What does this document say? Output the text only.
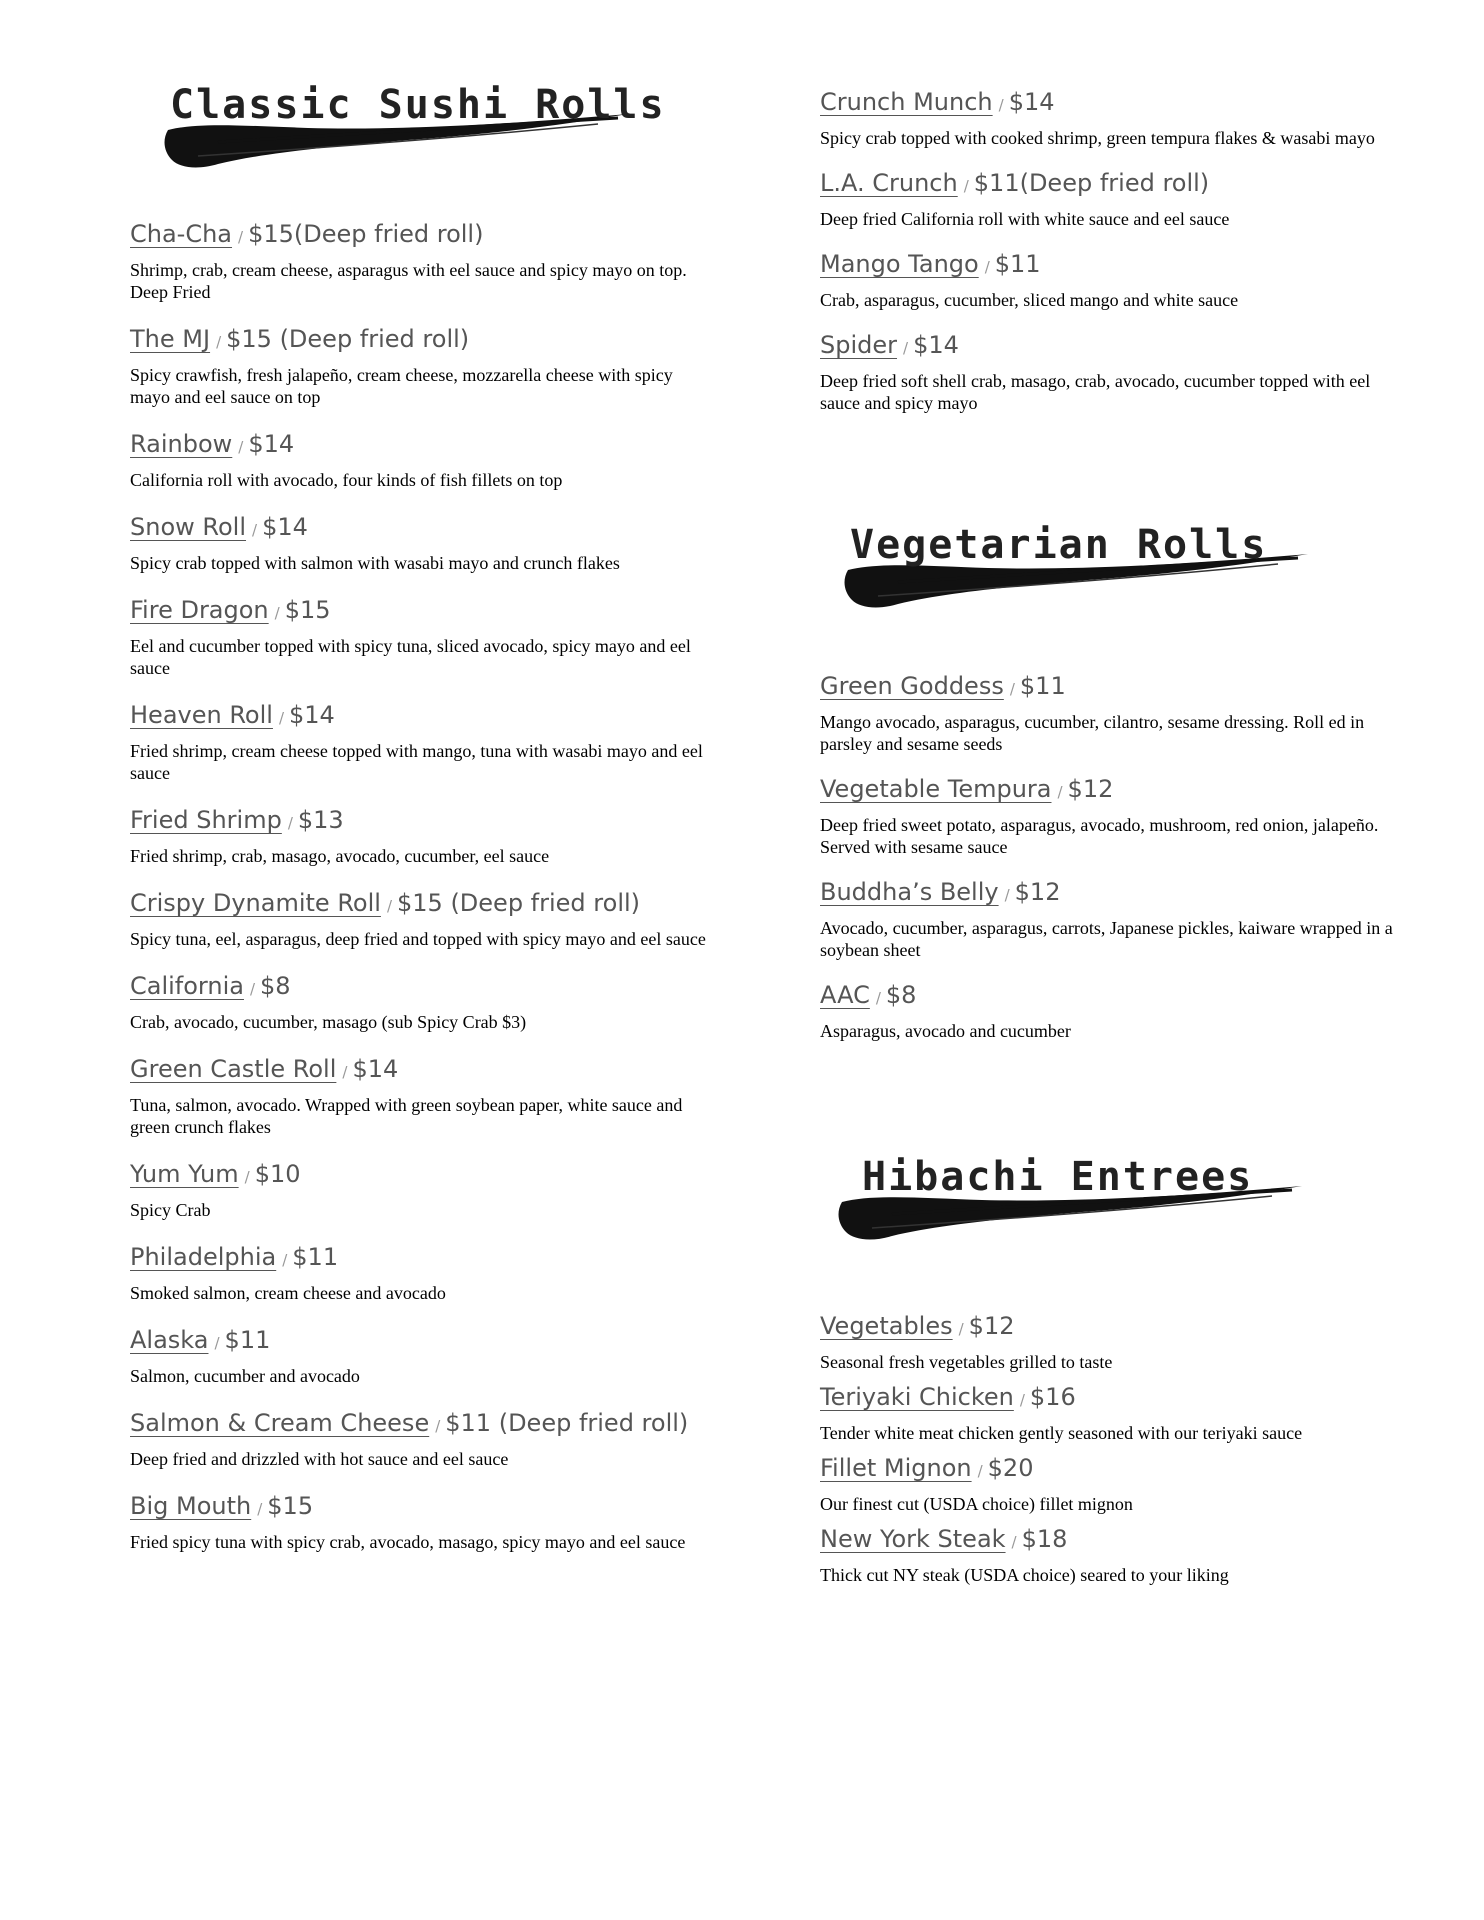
Classic Sushi Rolls
Cha-Cha / $15(Deep fried roll)
Shrimp, crab, cream cheese, asparagus with eel sauce and spicy mayo on top. Deep Fried
The MJ / $15 (Deep fried roll)
Spicy crawfish, fresh jalapeño, cream cheese, mozzarella cheese with spicy mayo and eel sauce on top
Rainbow / $14
California roll with avocado, four kinds of fish fillets on top
Snow Roll / $14
Spicy crab topped with salmon with wasabi mayo and crunch flakes
Fire Dragon / $15
Eel and cucumber topped with spicy tuna, sliced avocado, spicy mayo and eel sauce
Heaven Roll / $14
Fried shrimp, cream cheese topped with mango, tuna with wasabi mayo and eel sauce
Fried Shrimp / $13
Fried shrimp, crab, masago, avocado, cucumber, eel sauce
Crispy Dynamite Roll / $15 (Deep fried roll)
Spicy tuna, eel, asparagus, deep fried and topped with spicy mayo and eel sauce
California / $8
Crab, avocado, cucumber, masago (sub Spicy Crab $3)
Green Castle Roll / $14
Tuna, salmon, avocado. Wrapped with green soybean paper, white sauce and green crunch flakes
Yum Yum / $10
Spicy Crab
Philadelphia / $11
Smoked salmon, cream cheese and avocado
Alaska / $11
Salmon, cucumber and avocado
Salmon & Cream Cheese / $11 (Deep fried roll)
Deep fried and drizzled with hot sauce and eel sauce
Big Mouth / $15
Fried spicy tuna with spicy crab, avocado, masago, spicy mayo and eel sauce
Crunch Munch / $14
Spicy crab topped with cooked shrimp, green tempura flakes & wasabi mayo
L.A. Crunch / $11(Deep fried roll)
Deep fried California roll with white sauce and eel sauce
Mango Tango / $11
Crab, asparagus, cucumber, sliced mango and white sauce
Spider / $14
Deep fried soft shell crab, masago, crab, avocado, cucumber topped with eel sauce and spicy mayo
Vegetarian Rolls
Green Goddess / $11
Mango avocado, asparagus, cucumber, cilantro, sesame dressing. Roll ed in parsley and sesame seeds
Vegetable Tempura / $12
Deep fried sweet potato, asparagus, avocado, mushroom, red onion, jalapeño. Served with sesame sauce
Buddha’s Belly / $12
Avocado, cucumber, asparagus, carrots, Japanese pickles, kaiware wrapped in a soybean sheet
AAC / $8
Asparagus, avocado and cucumber
Hibachi Entrees
Vegetables / $12
Seasonal fresh vegetables grilled to taste
Teriyaki Chicken / $16
Tender white meat chicken gently seasoned with our teriyaki sauce
Fillet Mignon / $20
Our finest cut (USDA choice) fillet mignon
New York Steak / $18
Thick cut NY steak (USDA choice) seared to your liking
